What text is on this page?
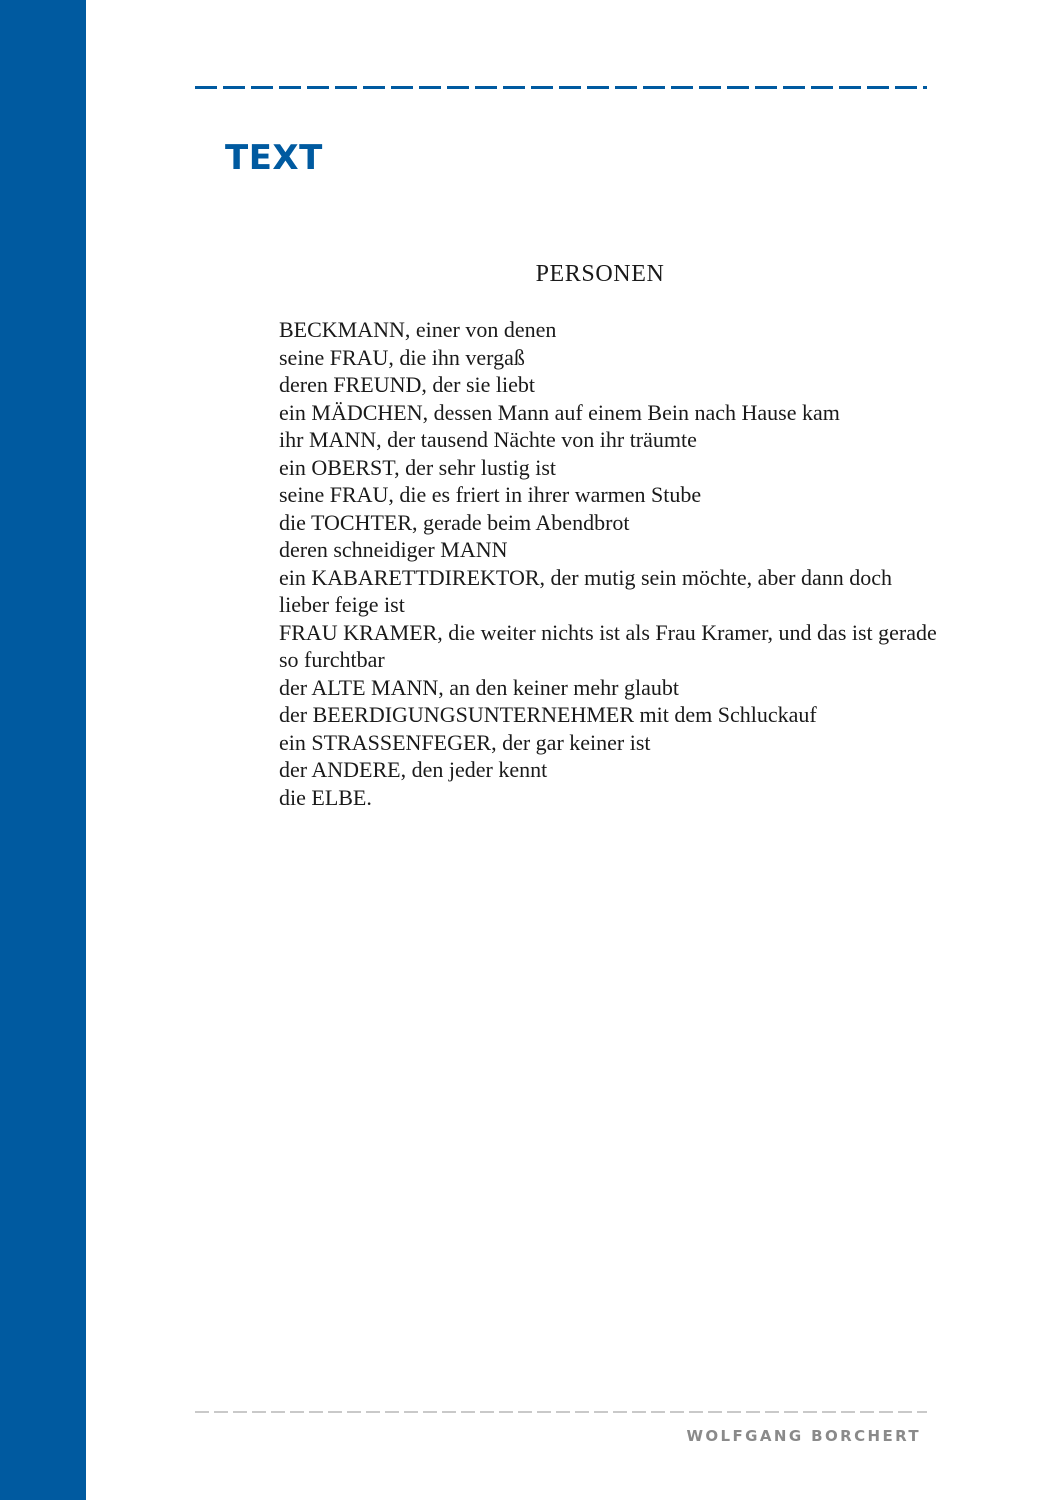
TEXT
PERSONEN
BECKMANN, einer von denen
seine FRAU, die ihn vergaß
deren FREUND, der sie liebt
ein MÄDCHEN, dessen Mann auf einem Bein nach Hause kam
ihr MANN, der tausend Nächte von ihr träumte
ein OBERST, der sehr lustig ist
seine FRAU, die es friert in ihrer warmen Stube
die TOCHTER, gerade beim Abendbrot
deren schneidiger MANN
ein KABARETTDIREKTOR, der mutig sein möchte, aber dann doch lieber feige ist
FRAU KRAMER, die weiter nichts ist als Frau Kramer, und das ist gerade so furchtbar
der ALTE MANN, an den keiner mehr glaubt
der BEERDIGUNGSUNTERNEHMER mit dem Schluckauf
ein STRASSENFEGER, der gar keiner ist
der ANDERE, den jeder kennt
die ELBE.
WOLFGANG BORCHERT
